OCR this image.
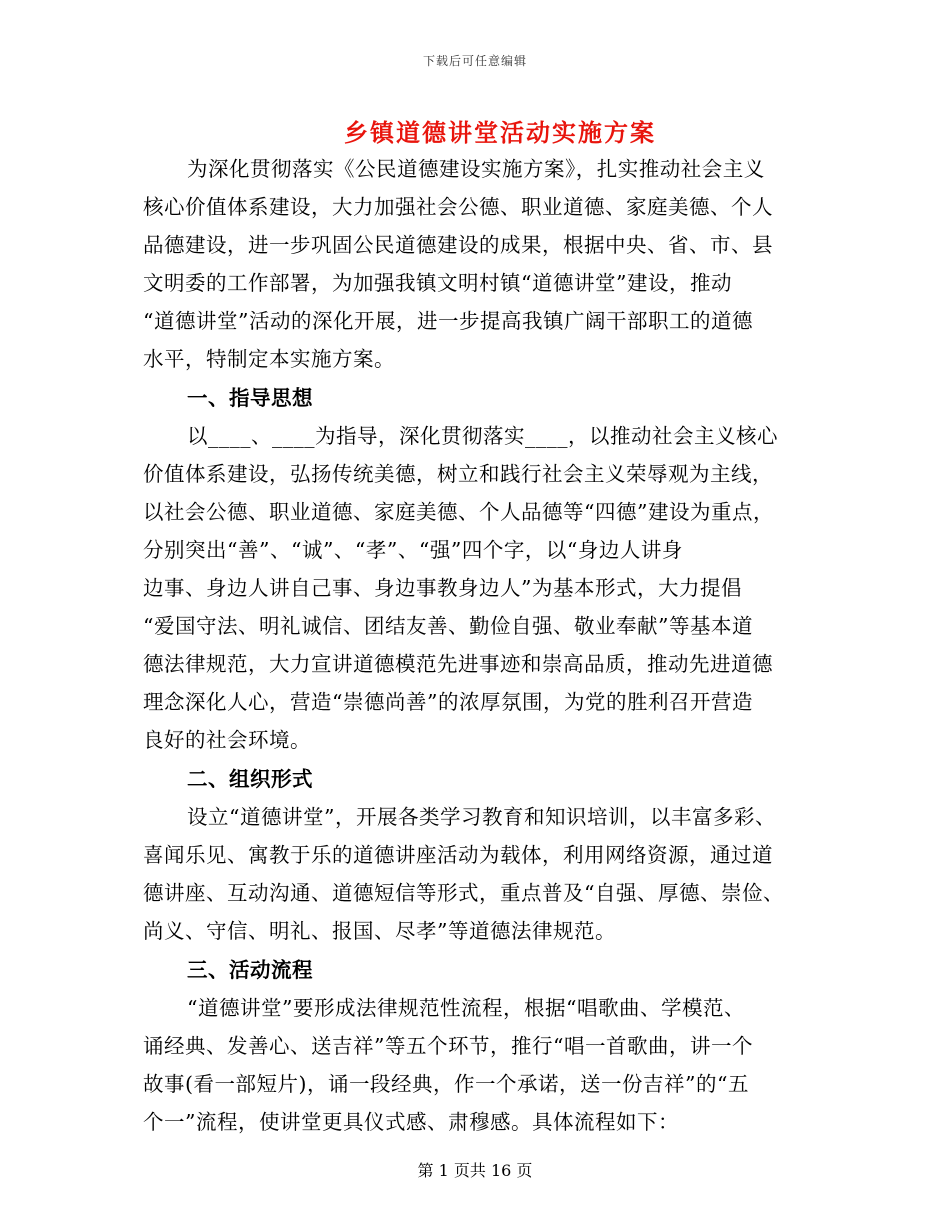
下载后可任意编辑
乡镇道德讲堂活动实施方案
为深化贯彻落实《公民道德建设实施方案》，扎实推动社会主义
核心价值体系建设，大力加强社会公德、职业道德、家庭美德、个人
品德建设，进一步巩固公民道德建设的成果，根据中央、省、市、县
文明委的工作部署，为加强我镇文明村镇“道德讲堂”建设，推动
“道德讲堂”活动的深化开展，进一步提高我镇广阔干部职工的道德
水平，特制定本实施方案。
一、指导思想
以____、____为指导，深化贯彻落实____，以推动社会主义核心
价值体系建设，弘扬传统美德，树立和践行社会主义荣辱观为主线，
以社会公德、职业道德、家庭美德、个人品德等“四德”建设为重点，
分别突出“善”、“诚”、“孝”、“强”四个字，以“身边人讲身
边事、身边人讲自己事、身边事教身边人”为基本形式，大力提倡
“爱国守法、明礼诚信、团结友善、勤俭自强、敬业奉献”等基本道
德法律规范，大力宣讲道德模范先进事迹和崇高品质，推动先进道德
理念深化人心，营造“崇德尚善”的浓厚氛围，为党的胜利召开营造
良好的社会环境。
二、组织形式
设立“道德讲堂”，开展各类学习教育和知识培训，以丰富多彩、
喜闻乐见、寓教于乐的道德讲座活动为载体，利用网络资源，通过道
德讲座、互动沟通、道德短信等形式，重点普及“自强、厚德、崇俭、
尚义、守信、明礼、报国、尽孝”等道德法律规范。
三、活动流程
“道德讲堂”要形成法律规范性流程，根据“唱歌曲、学模范、
诵经典、发善心、送吉祥”等五个环节，推行“唱一首歌曲，讲一个
故事(看一部短片)，诵一段经典，作一个承诺，送一份吉祥”的“五
个一”流程，使讲堂更具仪式感、肃穆感。具体流程如下：
第 1 页共 16 页
